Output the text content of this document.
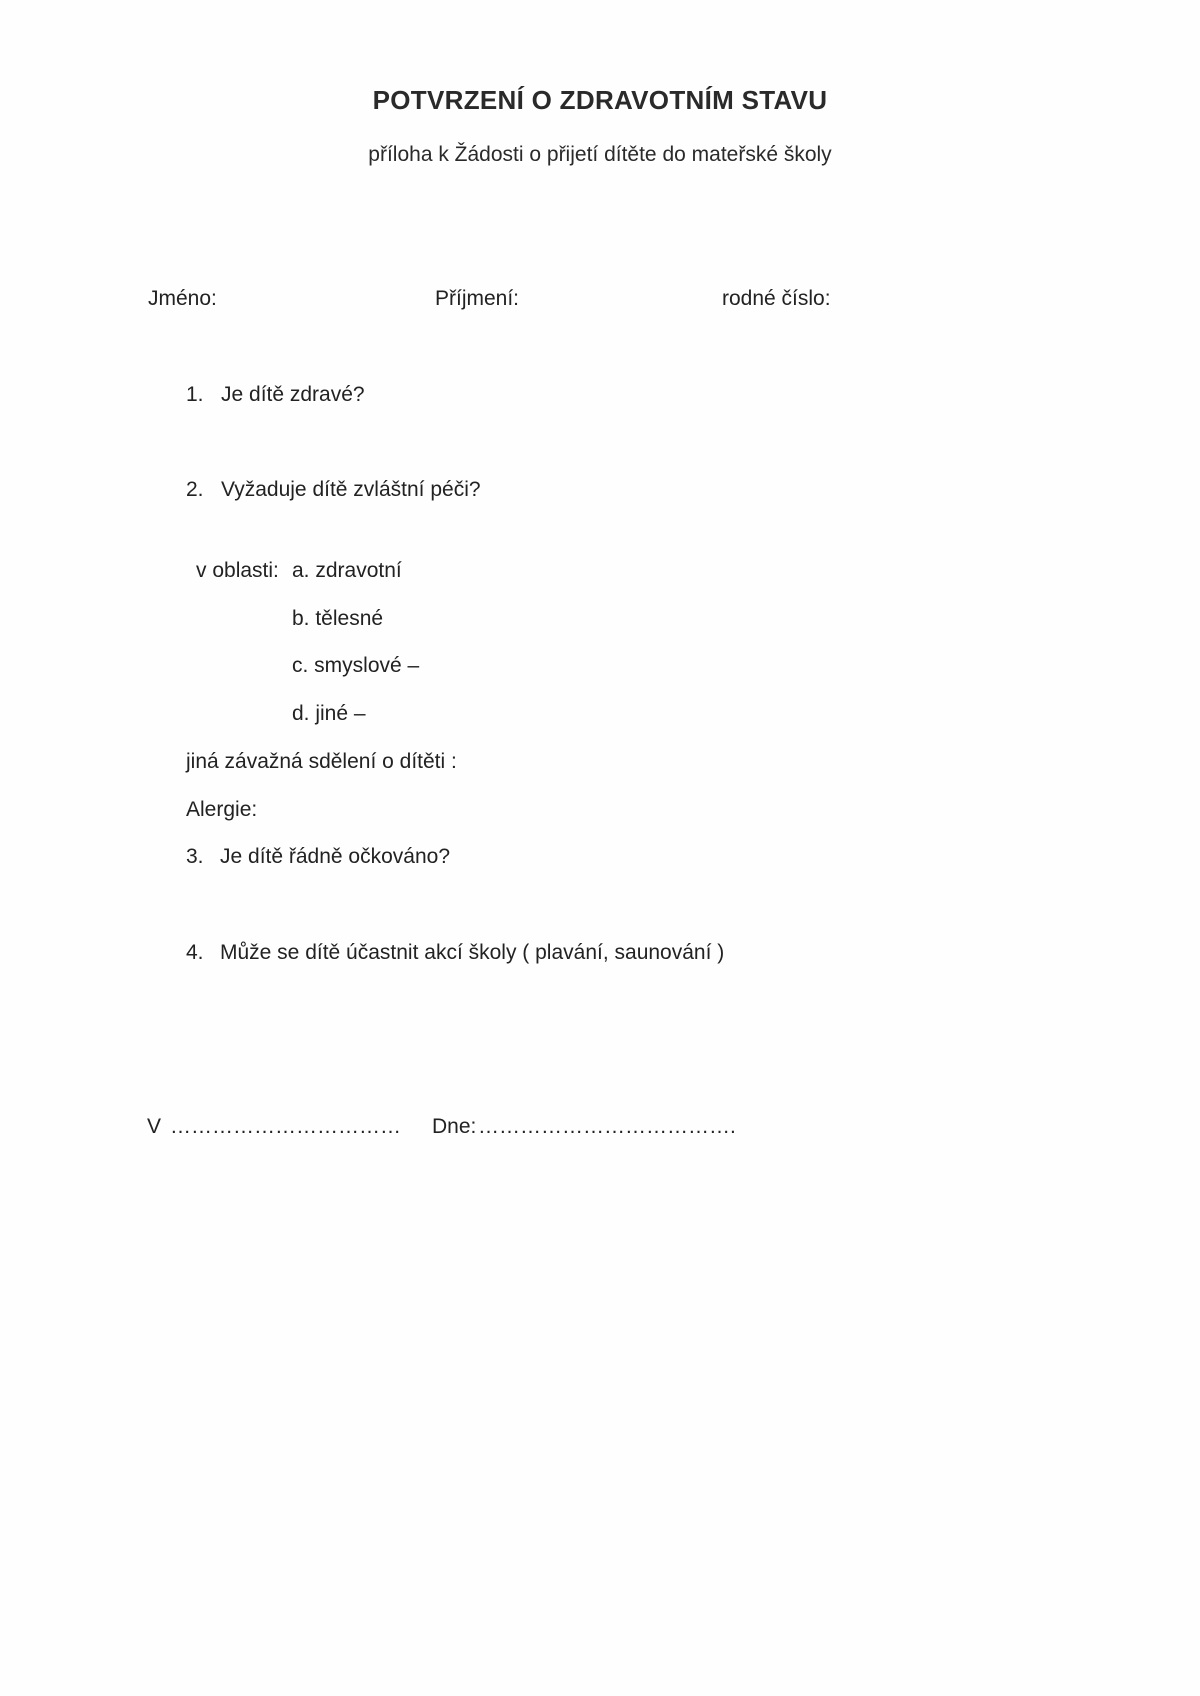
POTVRZENÍ O ZDRAVOTNÍM STAVU
příloha k Žádosti o přijetí dítěte do mateřské školy
Jméno:	Příjmení:	rodné číslo:
1. Je dítě zdravé?
2. Vyžaduje dítě zvláštní péči?
v oblasti: a. zdravotní
b. tělesné
c. smyslové –
d. jiné –
jiná závažná sdělení o dítěti :
Alergie:
3. Je dítě řádně očkováno?
4. Může se dítě účastnit akcí školy ( plavání, saunování )
V …………………………… Dne: ……………………………….
